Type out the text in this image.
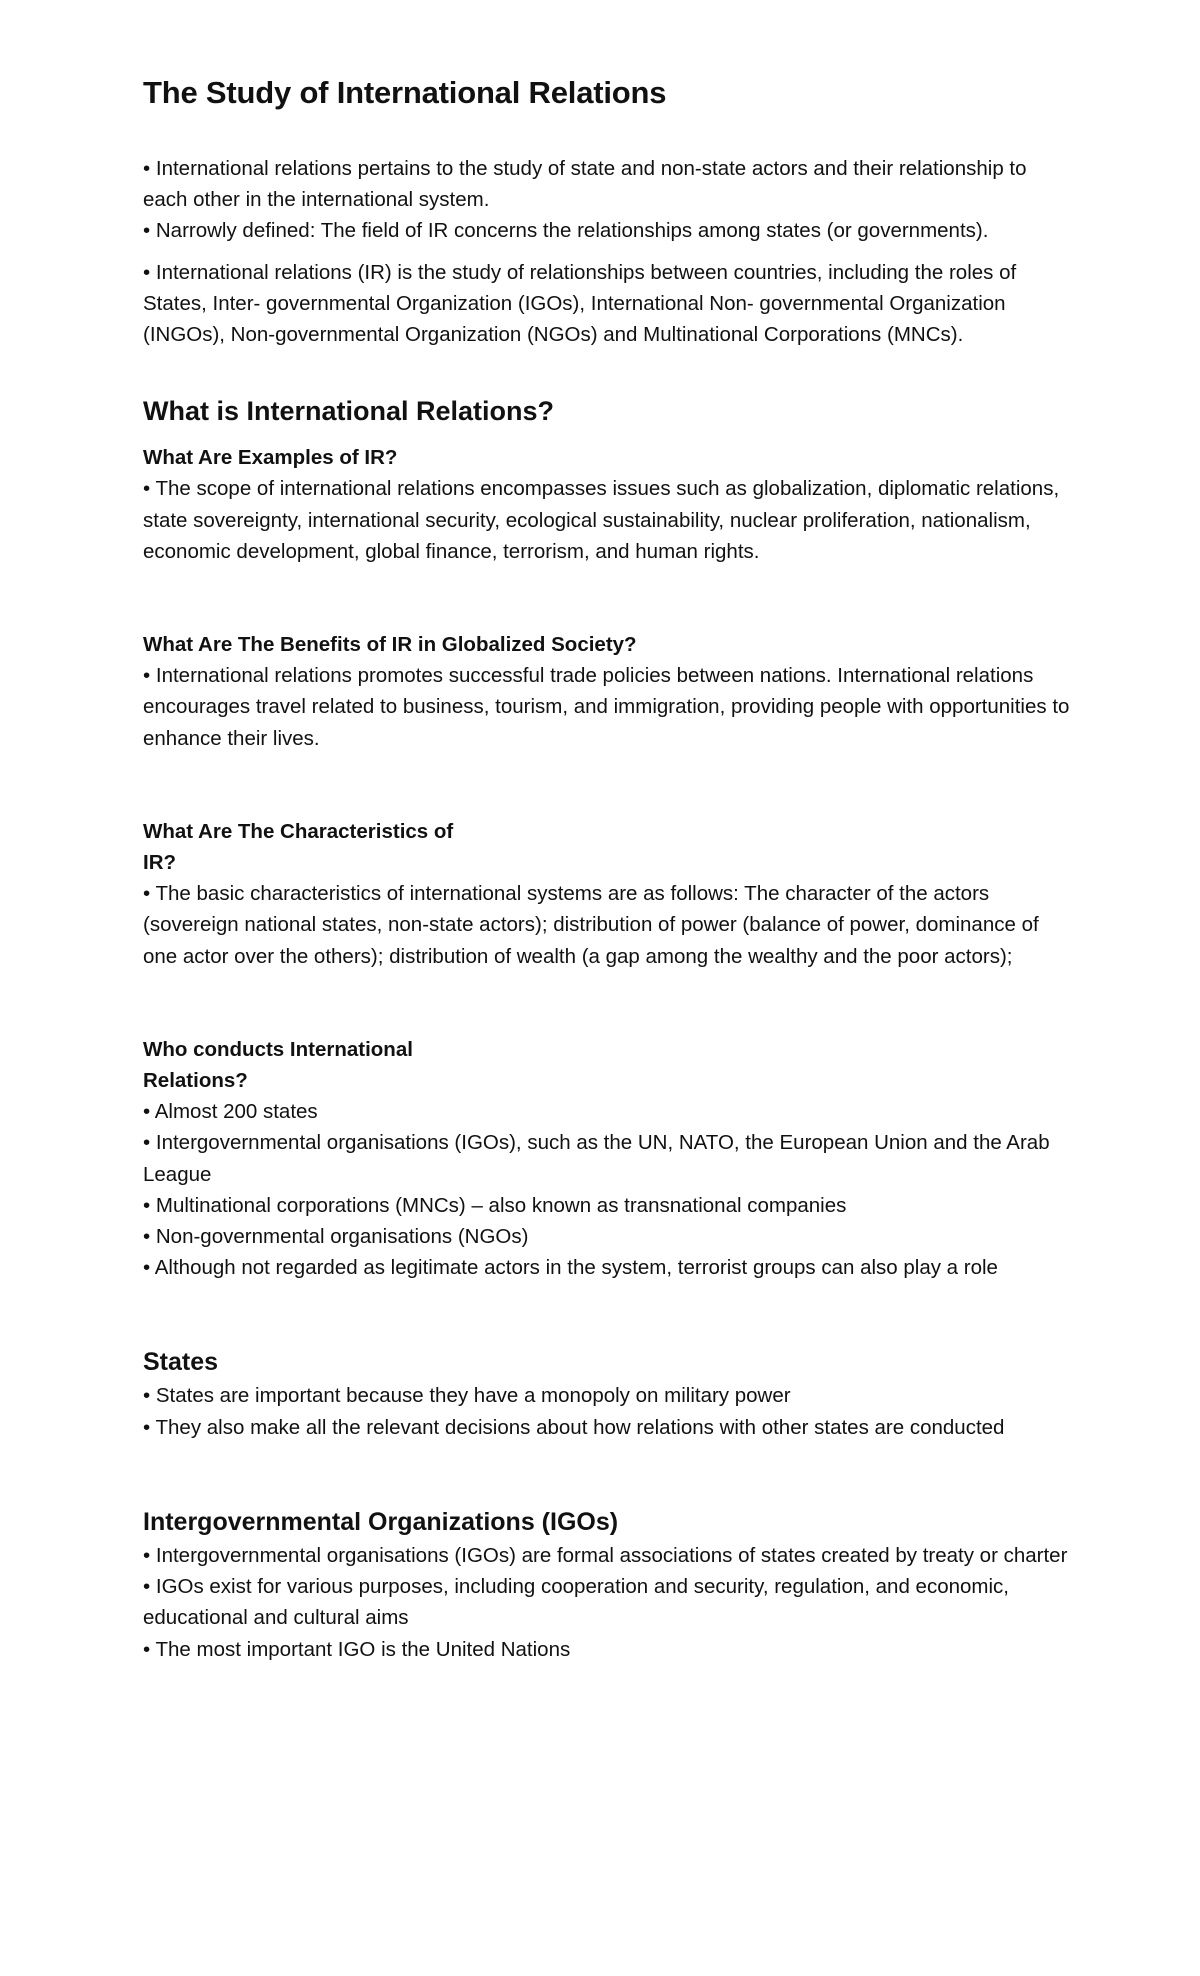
The Study of International Relations

• International relations pertains to the study of state and non-state actors and their relationship to each other in the international system.

• Narrowly defined: The field of IR concerns the relationships among states (or governments).

• International relations (IR) is the study of relationships between countries, including the roles of States, Inter- governmental Organization (IGOs), International Non- governmental Organization (INGOs), Non-governmental Organization (NGOs) and Multinational Corporations (MNCs).

What is International Relations?
What Are Examples of IR?

• The scope of international relations encompasses issues such as globalization, diplomatic relations, state sovereignty, international security, ecological sustainability, nuclear proliferation, nationalism, economic development, global finance, terrorism, and human rights.

What Are The Benefits of IR in Globalized Society?

• International relations promotes successful trade policies between nations. International relations encourages travel related to business, tourism, and immigration, providing people with opportunities to enhance their lives.

What Are The Characteristics of
IR?

• The basic characteristics of international systems are as follows: The character of the actors (sovereign national states, non-state actors); distribution of power (balance of power, dominance of one actor over the others); distribution of wealth (a gap among the wealthy and the poor actors);

Who conducts International
Relations?

• Almost 200 states

• Intergovernmental organisations (IGOs), such as the UN, NATO, the European Union and the Arab League

• Multinational corporations (MNCs) – also known as transnational companies

• Non-governmental organisations (NGOs)

• Although not regarded as legitimate actors in the system, terrorist groups can also play a role

States

• States are important because they have a monopoly on military power

• They also make all the relevant decisions about how relations with other states are conducted

Intergovernmental Organizations (IGOs)

• Intergovernmental organisations (IGOs) are formal associations of states created by treaty or charter

• IGOs exist for various purposes, including cooperation and security, regulation, and economic, educational and cultural aims

• The most important IGO is the United Nations
